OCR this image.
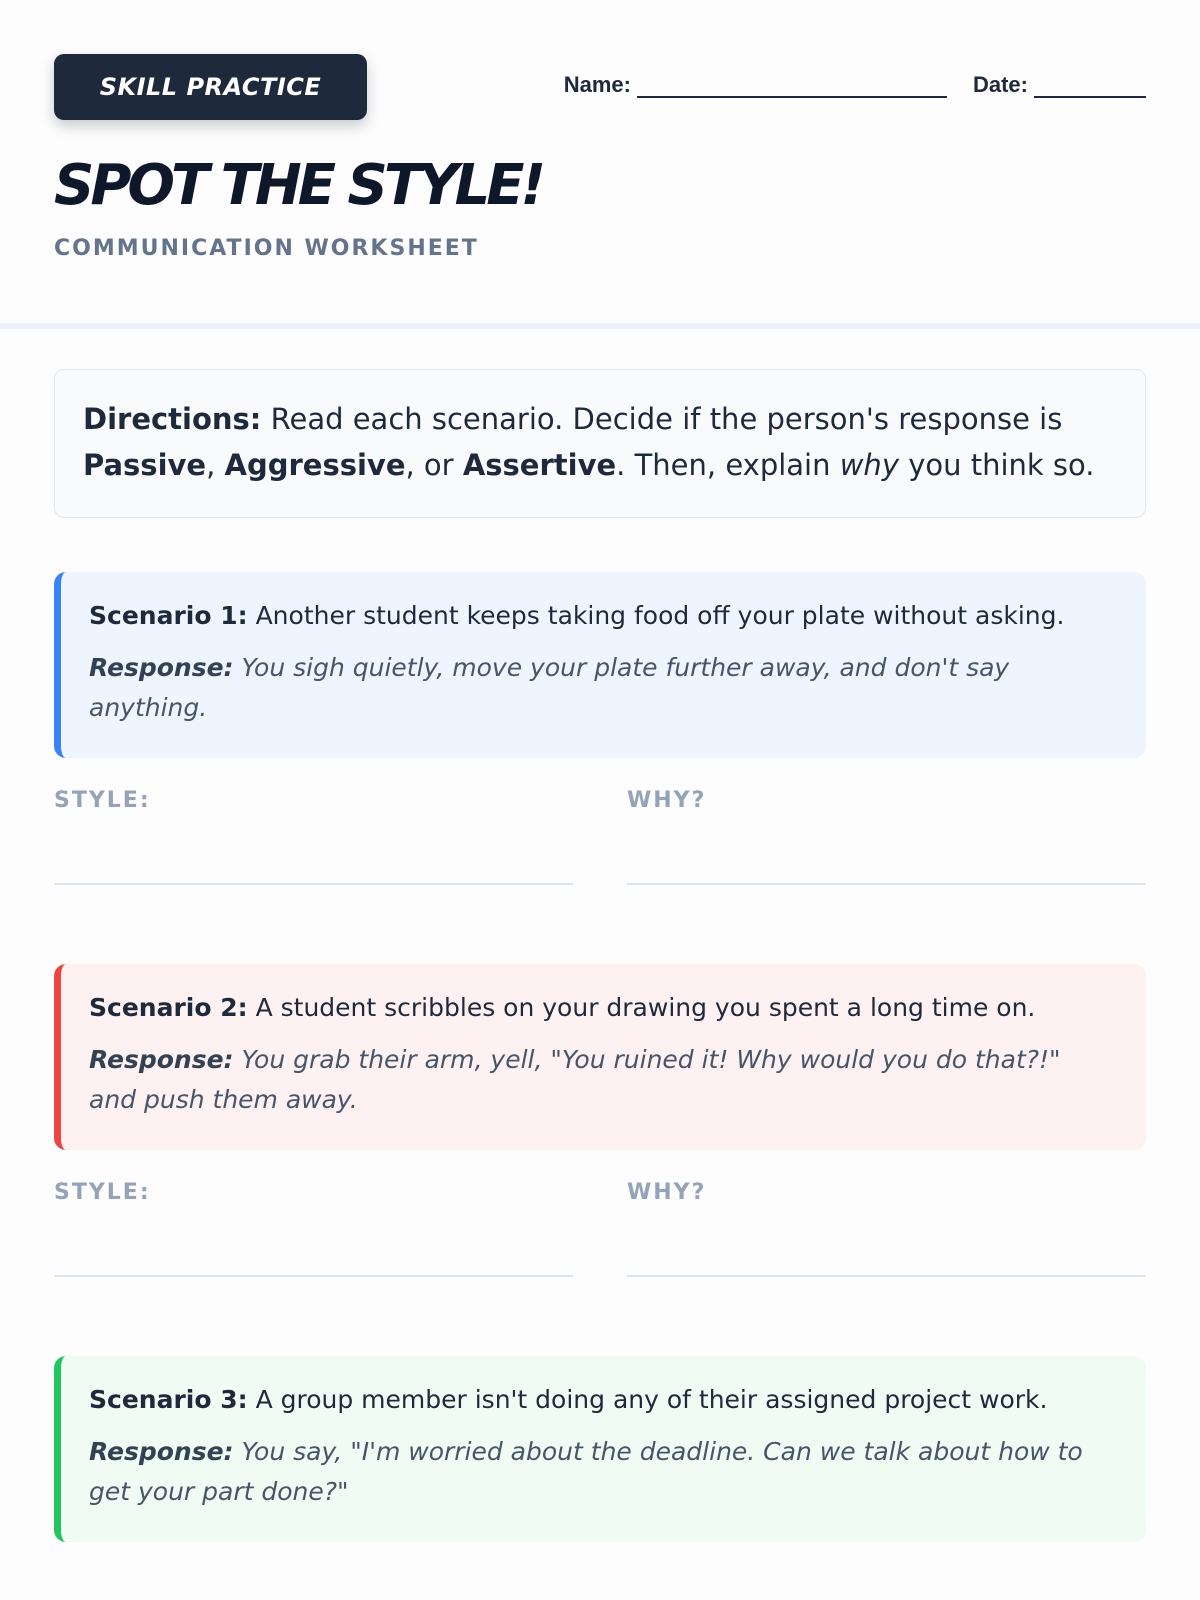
SKILL PRACTICE	Name:	Date:
SPOT THE STYLE!
COMMUNICATION WORKSHEET
Directions: Read each scenario. Decide if the person's response is Passive, Aggressive, or Assertive. Then, explain why you think so.
Scenario 1: Another student keeps taking food off your plate without asking.
Response: You sigh quietly, move your plate further away, and don't say anything.
STYLE:	WHY?
Scenario 2: A student scribbles on your drawing you spent a long time on.
Response: You grab their arm, yell, "You ruined it! Why would you do that?!" and push them away.
STYLE:	WHY?
Scenario 3: A group member isn't doing any of their assigned project work.
Response: You say, "I'm worried about the deadline. Can we talk about how to get your part done?"
